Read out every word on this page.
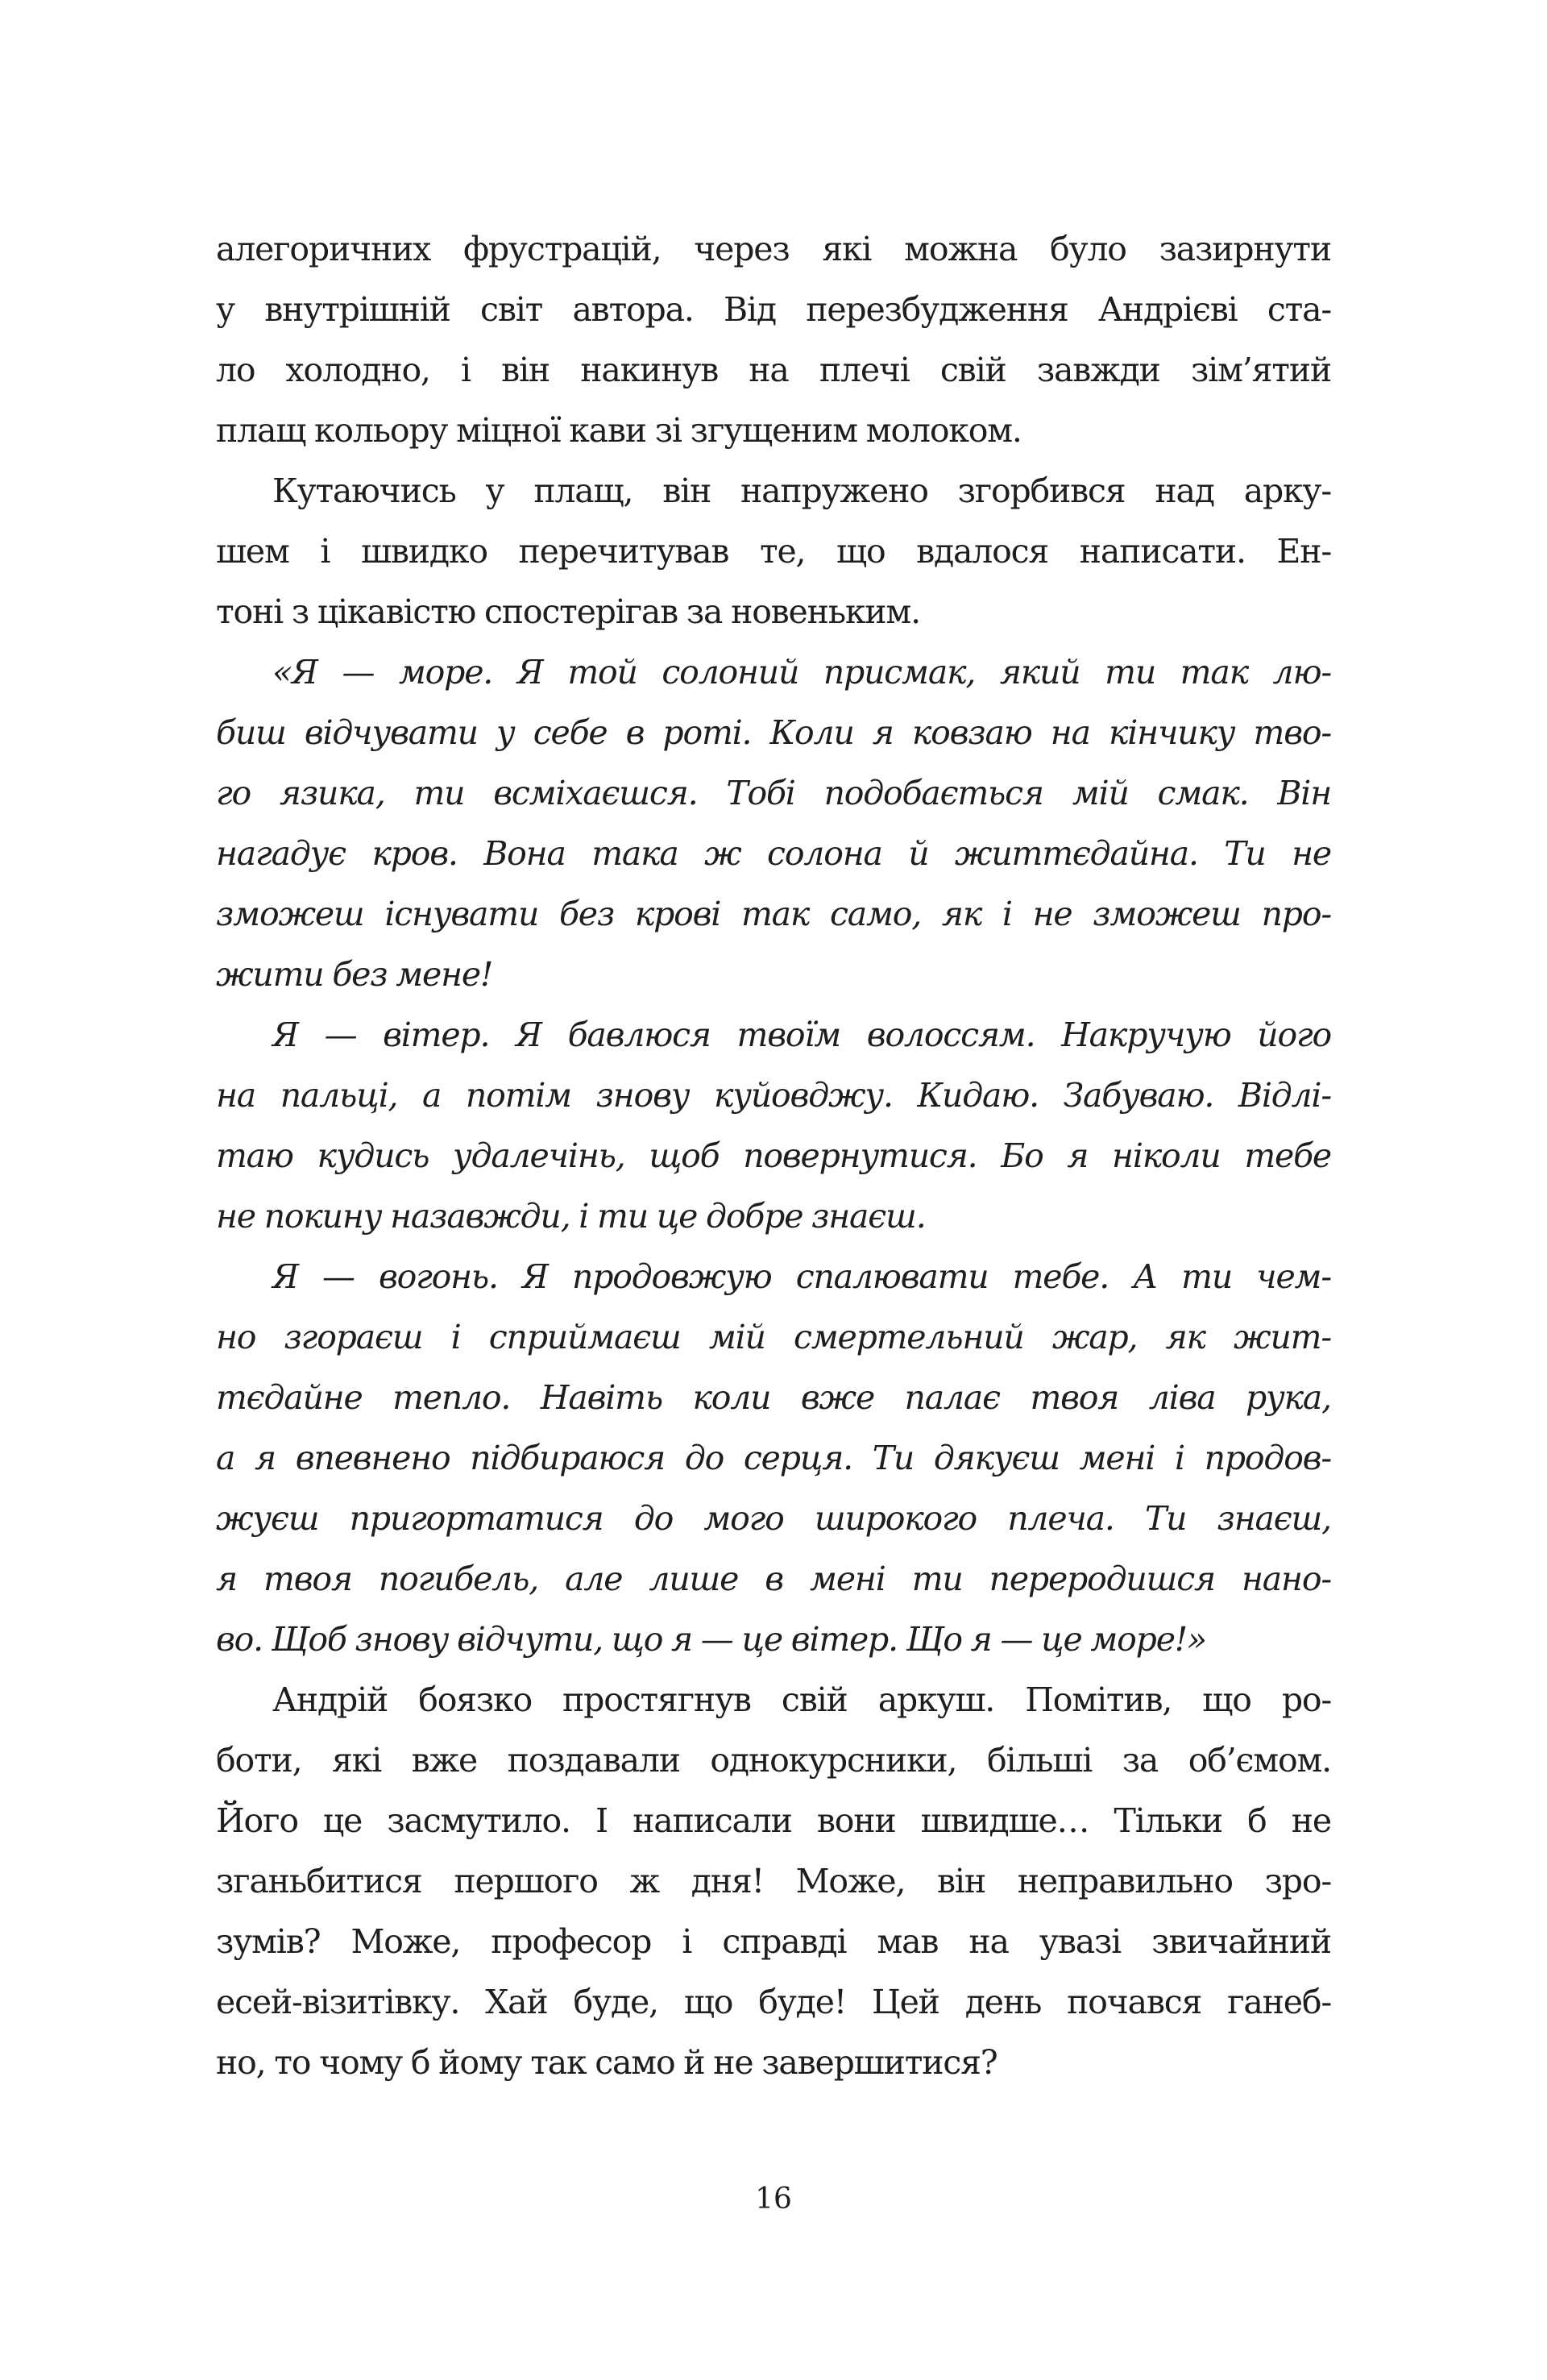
алегоричних фрустрацій, через які можна було зазирнути
у внутрішній світ автора. Від перезбудження Андрієві ста-
ло холодно, і він накинув на плечі свій завжди зім’ятий
плащ кольору міцної кави зі згущеним молоком.

Кутаючись у плащ, він напружено згорбився над арку-
шем і швидко перечитував те, що вдалося написати. Ен-
тоні з цікавістю спостерігав за новеньким.

«Я — море. Я той солоний присмак, який ти так лю-
биш відчувати у себе в роті. Коли я ковзаю на кінчику тво-
го язика, ти всміхаєшся. Тобі подобається мій смак. Він
нагадує кров. Вона така ж солона й життєдайна. Ти не
зможеш існувати без крові так само, як і не зможеш про-
жити без мене!

Я — вітер. Я бавлюся твоїм волоссям. Накручую його
на пальці, а потім знову куйовджу. Кидаю. Забуваю. Відлі-
таю кудись удалечінь, щоб повернутися. Бо я ніколи тебе
не покину назавжди, і ти це добре знаєш.

Я — вогонь. Я продовжую спалювати тебе. А ти чем-
но згораєш і сприймаєш мій смертельний жар, як жит-
тєдайне тепло. Навіть коли вже палає твоя ліва рука,
а я впевнено підбираюся до серця. Ти дякуєш мені і продов-
жуєш пригортатися до мого широкого плеча. Ти знаєш,
я твоя погибель, але лише в мені ти переродишся нано-
во. Щоб знову відчути, що я — це вітер. Що я — це море!»

Андрій боязко простягнув свій аркуш. Помітив, що ро-
боти, які вже поздавали однокурсники, більші за об’ємом.
Його це засмутило. І написали вони швидше… Тільки б не
зганьбитися першого ж дня! Може, він неправильно зро-
зумів? Може, професор і справді мав на увазі звичайний
есей-візитівку. Хай буде, що буде! Цей день почався ганеб-
но, то чому б йому так само й не завершитися?

16
